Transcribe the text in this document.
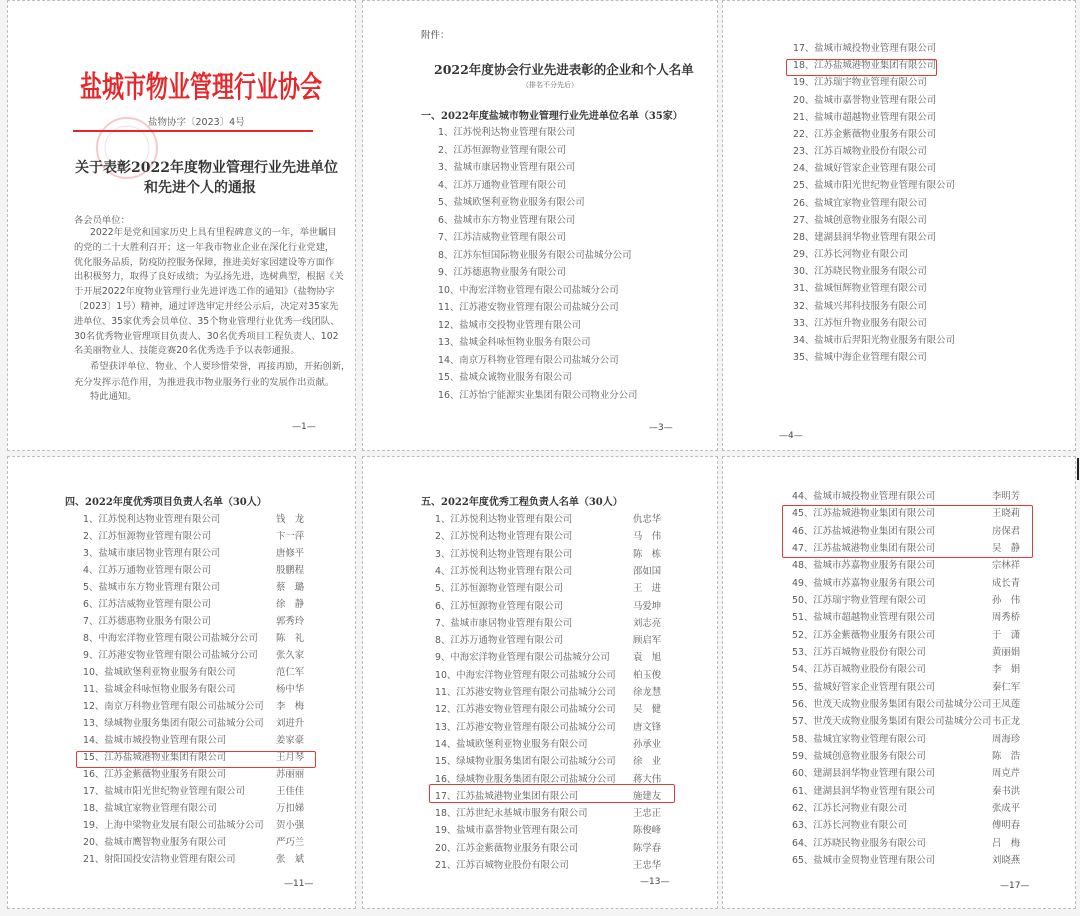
盐城市物业管理行业协会
盐物协字〔2023〕4号
关于表彰2022年度物业管理行业先进单位
和先进个人的通报
各会员单位：
2022年是党和国家历史上具有里程碑意义的一年，举世瞩目
的党的二十大胜利召开；这一年我市物业企业在深化行业党建，
优化服务品质，防疫防控服务保障，推进美好家园建设等方面作
出积极努力，取得了良好成绩；为弘扬先进，选树典型，根据《关
于开展2022年度物业管理行业先进评选工作的通知》（盐物协字
〔2023〕1号）精神，通过评选审定并经公示后，决定对35家先
进单位、35家优秀会员单位、35个物业管理行业优秀一线团队、
30名优秀物业管理项目负责人、30名优秀项目工程负责人、102
名美丽物业人、技能竞赛20名优秀选手予以表彰通报。
希望获评单位、物业、个人要珍惜荣誉，再接再励，开拓创新，
充分发挥示范作用，为推进我市物业服务行业的发展作出贡献。
特此通知。
—1—
附件：
2022年度协会行业先进表彰的企业和个人名单
（排名不分先后）
一、2022年度盐城市物业管理行业先进单位名单（35家）
—3—
—4—
四、2022年度优秀项目负责人名单（30人）
—11—
五、2022年度优秀工程负责人名单（30人）
—13—	—17—
1、江苏悦利达物业管理有限公司
2、江苏恒源物业管理有限公司
3、盐城市康居物业管理有限公司
4、江苏万通物业管理有限公司
5、盐城欧堡利亚物业服务有限公司
6、盐城市东方物业管理有限公司
7、江苏洁威物业管理有限公司
8、江苏东恒国际物业服务有限公司盐城分公司
9、江苏德惠物业服务有限公司
10、中海宏洋物业管理有限公司盐城分公司
11、江苏港安物业管理有限公司盐城分公司
12、盐城市交投物业管理有限公司
13、盐城金科咏恒物业服务有限公司
14、南京万科物业管理有限公司盐城分公司
15、盐城众诚物业服务有限公司
16、江苏怡宁能源实业集团有限公司物业分公司
17、盐城市城投物业管理有限公司
18、江苏盐城港物业集团有限公司
19、江苏瑞宇物业管理有限公司
20、盐城市嘉誉物业管理有限公司
21、盐城市超越物业管理有限公司
22、江苏金紫薇物业服务有限公司
23、江苏百城物业股份有限公司
24、盐城好管家企业管理有限公司
25、盐城市阳光世纪物业管理有限公司
26、盐城宜家物业管理有限公司
27、盐城创意物业服务有限公司
28、建湖县润华物业管理有限公司
29、江苏长河物业有限公司
30、江苏晓民物业服务有限公司
31、盐城恒辉物业管理有限公司
32、盐城兴邦科技服务有限公司
33、江苏恒升物业服务有限公司
34、盐城市后羿阳光物业服务有限公司
35、盐城中海企业管理有限公司
1、江苏悦利达物业管理有限公司	钱　龙
2、江苏恒源物业管理有限公司	卞一萍
3、盐城市康居物业管理有限公司	唐修平
4、江苏万通物业管理有限公司	殷鹏程
5、盐城市东方物业管理有限公司	蔡　璐
6、江苏洁威物业管理有限公司	徐　静
7、江苏德惠物业服务有限公司	郭秀玲
8、中海宏洋物业管理有限公司盐城分公司 陈　礼
9、江苏港安物业管理有限公司盐城分公司 张久家
10、盐城欧堡利亚物业服务有限公司	范仁军
11、盐城金科咏恒物业服务有限公司	杨中华
12、南京万科物业管理有限公司盐城分公司 李　梅
13、绿城物业服务集团有限公司盐城分公司 刘进升
14、盐城市城投物业管理有限公司	姜家豪
15、江苏盐城港物业集团有限公司	王月琴
16、江苏金紫薇物业服务有限公司	苏丽丽
17、盐城市阳光世纪物业管理有限公司	王佳佳
18、盐城宜家物业管理有限公司	万扣娣
19、上海中梁物业发展有限公司盐城分公司 贺小强
20、盐城市鹰智物业服务有限公司	严巧兰
21、射阳国投安洁物业管理有限公司	张　斌
1、江苏悦利达物业管理有限公司	仇忠华
2、江苏悦利达物业管理有限公司	马　伟
3、江苏悦利达物业管理有限公司	陈　栋
4、江苏悦利达物业管理有限公司	邵如国
5、江苏恒源物业管理有限公司	王　进
6、江苏恒源物业管理有限公司	马爱坤
7、盐城市康居物业管理有限公司	刘志亮
8、江苏万通物业管理有限公司	顾启军
9、中海宏洋物业管理有限公司盐城分公司 袁　旭
10、中海宏洋物业管理有限公司盐城分公司 柏玉俊
11、江苏港安物业管理有限公司盐城分公司 徐龙慧
12、江苏港安物业管理有限公司盐城分公司 吴　健
13、江苏港安物业管理有限公司盐城分公司 唐文锋
14、盐城欧堡利亚物业服务有限公司	孙承业
15、绿城物业服务集团有限公司盐城分公司 徐　业
16、绿城物业服务集团有限公司盐城分公司 蒋大伟
17、江苏盐城港物业集团有限公司	施建友
18、江苏世纪永基城市服务有限公司	王忠正
19、盐城市嘉誉物业管理有限公司	陈俊峰
20、江苏金紫薇物业服务有限公司	陈学春
21、江苏百城物业股份有限公司	王忠华
44、盐城市城投物业管理有限公司	李明芳
45、江苏盐城港物业集团有限公司	王晓莉
46、江苏盐城港物业集团有限公司	房保君
47、江苏盐城港物业集团有限公司	吴　静
48、盐城市苏嘉物业服务有限公司	宗林祥
49、盐城市苏嘉物业服务有限公司	成长青
50、江苏瑞宇物业管理有限公司	孙　伟
51、盐城市超越物业管理有限公司	周秀桥
52、江苏金紫薇物业服务有限公司	于　潇
53、江苏百城物业股份有限公司	黄丽娟
54、江苏百城物业股份有限公司	李　娟
55、盐城好管家企业管理有限公司	秦仁军
56、世茂天成物业服务集团有限公司盐城分公司 王凤莲
57、世茂天成物业服务集团有限公司盐城分公司 韦正龙
58、盐城宜家物业管理有限公司	周海珍
59、盐城创意物业服务有限公司	陈　浩
60、建湖县润华物业管理有限公司	周克芹
61、建湖县润华物业管理有限公司	秦书洪
62、江苏长河物业有限公司	张成平
63、江苏长河物业有限公司	傅明春
64、江苏晓民物业服务有限公司	吕　梅
65、盐城市金贸物业管理有限公司	刘晓燕
